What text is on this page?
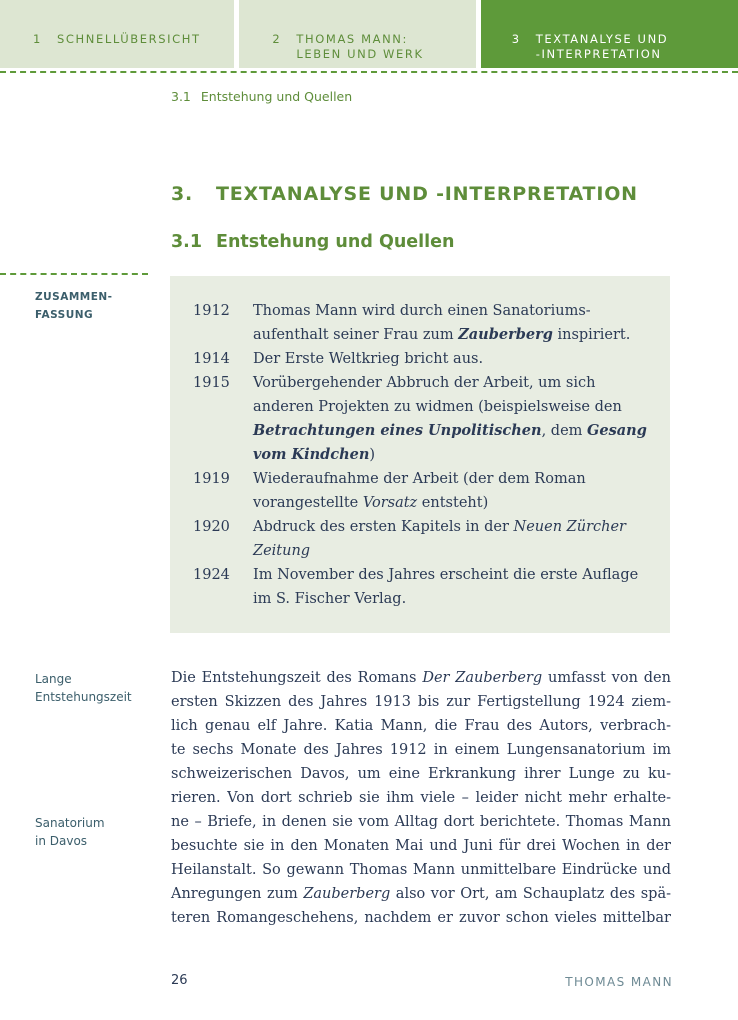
1 SCHNELLÜBERSICHT	2 THOMAS MANN:
LEBEN UND WERK
3 TEXTANALYSE UND
-INTERPRETATION
3.1 Entstehung und Quellen
3. TEXTANALYSE UND -INTERPRETATION
3.1 Entstehung und Quellen
ZUSAMMEN-
FASSUNG	1912	Thomas Mann wird durch einen Sanatoriums-
aufenthalt seiner Frau zum Zauberberg inspiriert.
1914	Der Erste Weltkrieg bricht aus.
1915	Vorübergehender Abbruch der Arbeit, um sich
anderen Projekten zu widmen (beispielsweise den
Betrachtungen eines Unpolitischen, dem Gesang
vom Kindchen)
1919	Wiederaufnahme der Arbeit (der dem Roman
vorangestellte Vorsatz entsteht)
1920	Abdruck des ersten Kapitels in der Neuen Zürcher
Zeitung
1924	Im November des Jahres erscheint die erste Auflage
im S. Fischer Verlag.
Lange
Entstehungszeit
Sanatorium
in Davos
Die Entstehungszeit des Romans Der Zauberberg umfasst von den
ersten Skizzen des Jahres 1913 bis zur Fertigstellung 1924 ziem-
lich genau elf Jahre. Katia Mann, die Frau des Autors, verbrach-
te sechs Monate des Jahres 1912 in einem Lungensanatorium im
schweizerischen Davos, um eine Erkrankung ihrer Lunge zu ku-
rieren. Von dort schrieb sie ihm viele – leider nicht mehr erhalte-
ne – Briefe, in denen sie vom Alltag dort berichtete. Thomas Mann
besuchte sie in den Monaten Mai und Juni für drei Wochen in der
Heilanstalt. So gewann Thomas Mann unmittelbare Eindrücke und
Anregungen zum Zauberberg also vor Ort, am Schauplatz des spä-
teren Romangeschehens, nachdem er zuvor schon vieles mittelbar
26	THOMAS MANN
